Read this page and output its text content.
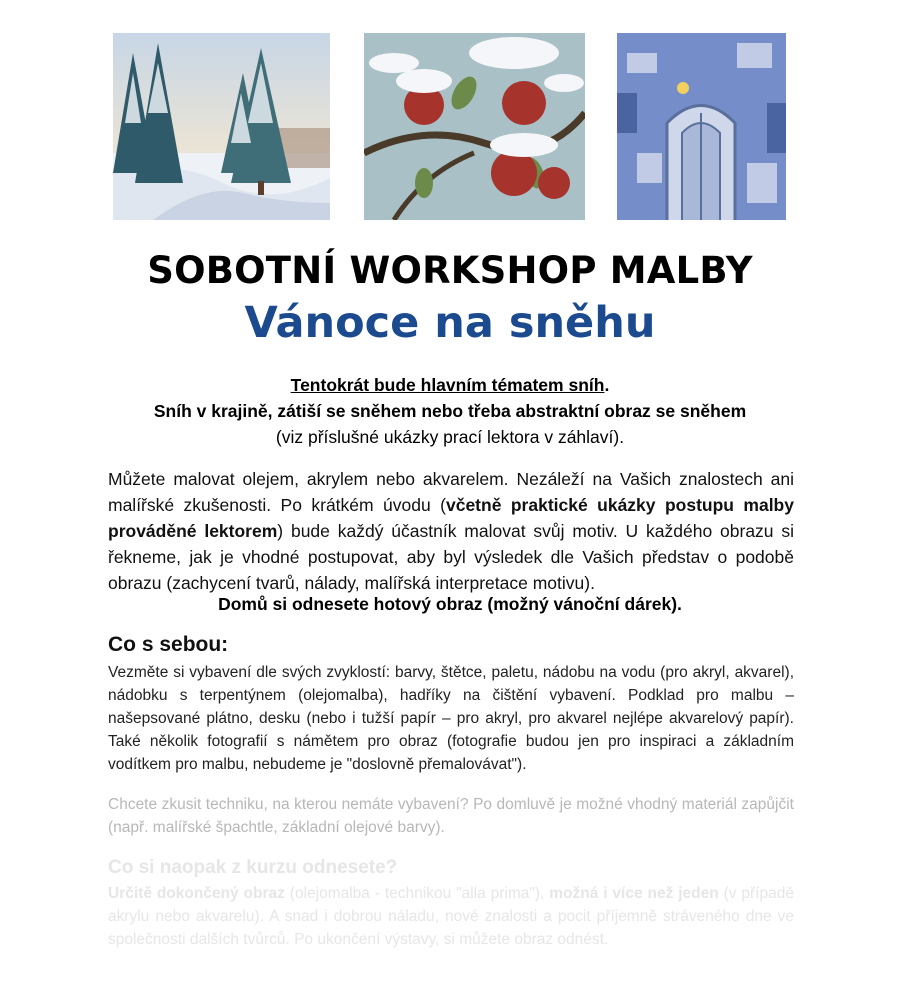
SOBOTNÍ WORKSHOP MALBY
Vánoce na sněhu
Tentokrát bude hlavním tématem sníh.
Sníh v krajině, zátiší se sněhem nebo třeba abstraktní obraz se sněhem
(viz příslušné ukázky prací lektora v záhlaví).
Můžete malovat olejem, akrylem nebo akvarelem. Nezáleží na Vašich znalostech ani malířské zkušenosti. Po krátkém úvodu (včetně praktické ukázky postupu malby prováděné lektorem) bude každý účastník malovat svůj motiv. U každého obrazu si řekneme, jak je vhodné postupovat, aby byl výsledek dle Vašich představ o podobě obrazu (zachycení tvarů, nálady, malířská interpretace motivu).
Domů si odnesete hotový obraz (možný vánoční dárek).
Co s sebou:
Vezměte si vybavení dle svých zvyklostí: barvy, štětce, paletu, nádobu na vodu (pro akryl, akvarel), nádobku s terpentýnem (olejomalba), hadříky na čištění vybavení. Podklad pro malbu – našepsované plátno, desku (nebo i tužší papír – pro akryl, pro akvarel nejlépe akvarelový papír). Také několik fotografií s námětem pro obraz (fotografie budou jen pro inspiraci a základním vodítkem pro malbu, nebudeme je "doslovně přemalovávat").
Chcete zkusit techniku, na kterou nemáte vybavení? Po domluvě je možné vhodný materiál zapůjčit (např. malířské špachtle, základní olejové barvy).
Co si naopak z kurzu odnesete?
Určitě dokončený obraz (olejomalba - technikou "alla prima"), možná i více než jeden (v případě akrylu nebo akvarelu). A snad i dobrou náladu, nové znalosti a pocit příjemně stráveného dne ve společnosti dalších tvůrců. Po ukončení výstavy, si můžete obraz odnést.
